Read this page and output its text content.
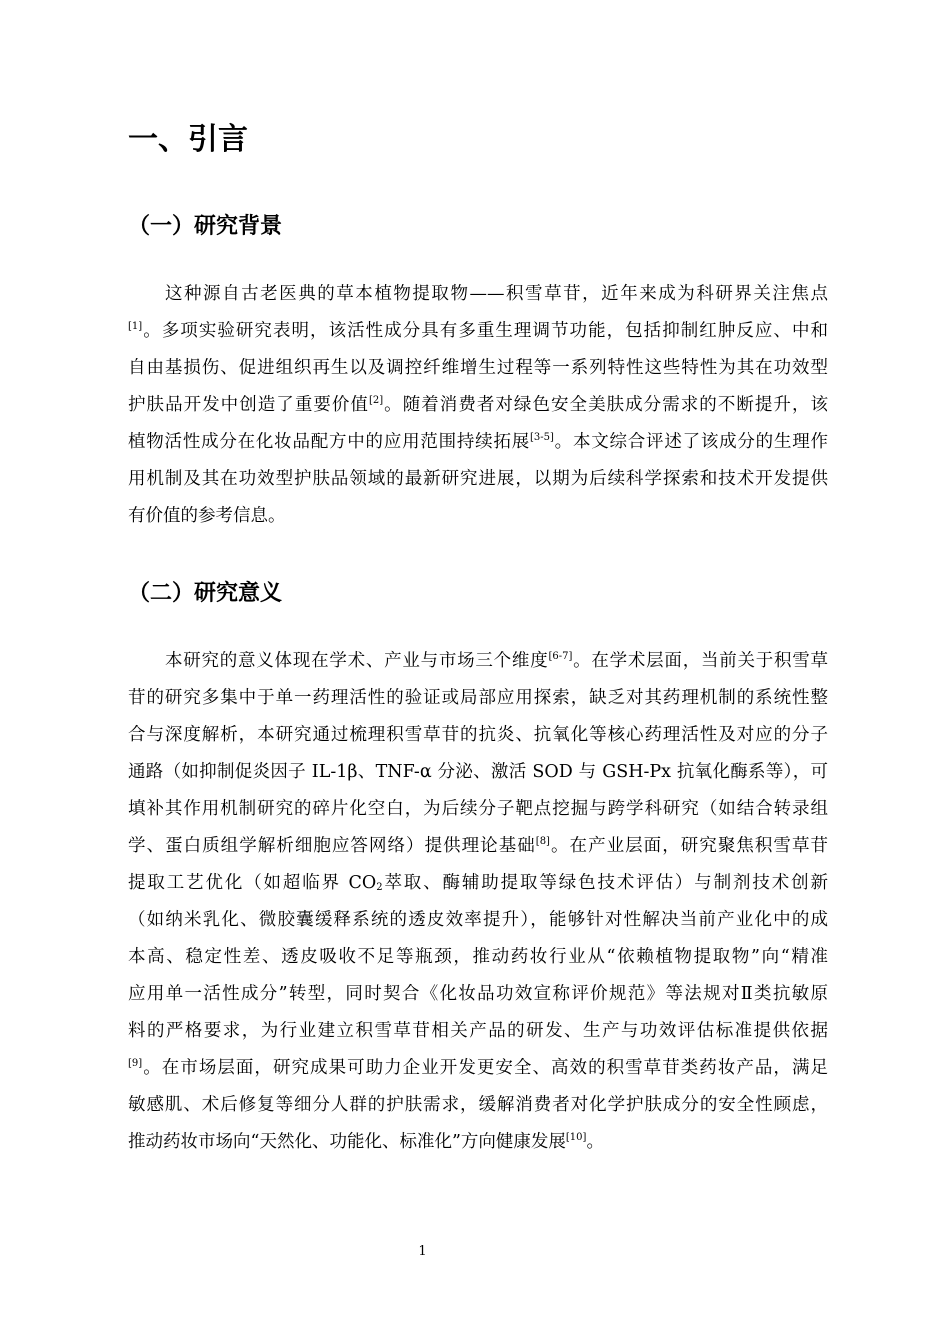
一、引言
（一）研究背景
这种源自古老医典的草本植物提取物——积雪草苷，近年来成为科研界关注焦点
[1]。多项实验研究表明，该活性成分具有多重生理调节功能，包括抑制红肿反应、中和
自由基损伤、促进组织再生以及调控纤维增生过程等一系列特性这些特性为其在功效型
护肤品开发中创造了重要价值[2]。随着消费者对绿色安全美肤成分需求的不断提升，该
植物活性成分在化妆品配方中的应用范围持续拓展[3-5]。本文综合评述了该成分的生理作
用机制及其在功效型护肤品领域的最新研究进展，以期为后续科学探索和技术开发提供
有价值的参考信息。
（二）研究意义
本研究的意义体现在学术、产业与市场三个维度[6-7]。在学术层面，当前关于积雪草
苷的研究多集中于单一药理活性的验证或局部应用探索，缺乏对其药理机制的系统性整
合与深度解析，本研究通过梳理积雪草苷的抗炎、抗氧化等核心药理活性及对应的分子
通路（如抑制促炎因子 IL-1β、TNF-α 分泌、激活 SOD 与 GSH-Px 抗氧化酶系等），可
填补其作用机制研究的碎片化空白，为后续分子靶点挖掘与跨学科研究（如结合转录组
学、蛋白质组学解析细胞应答网络）提供理论基础[8]。在产业层面，研究聚焦积雪草苷
提取工艺优化（如超临界 $CO_2$萃取、酶辅助提取等绿色技术评估）与制剂技术创新
（如纳米乳化、微胶囊缓释系统的透皮效率提升），能够针对性解决当前产业化中的成
本高、稳定性差、透皮吸收不足等瓶颈，推动药妆行业从“依赖植物提取物”向“精准
应用单一活性成分”转型，同时契合《化妆品功效宣称评价规范》等法规对Ⅱ类抗敏原
料的严格要求，为行业建立积雪草苷相关产品的研发、生产与功效评估标准提供依据
[9]。在市场层面，研究成果可助力企业开发更安全、高效的积雪草苷类药妆产品，满足
敏感肌、术后修复等细分人群的护肤需求，缓解消费者对化学护肤成分的安全性顾虑，
推动药妆市场向“天然化、功能化、标准化”方向健康发展[10]。
1
